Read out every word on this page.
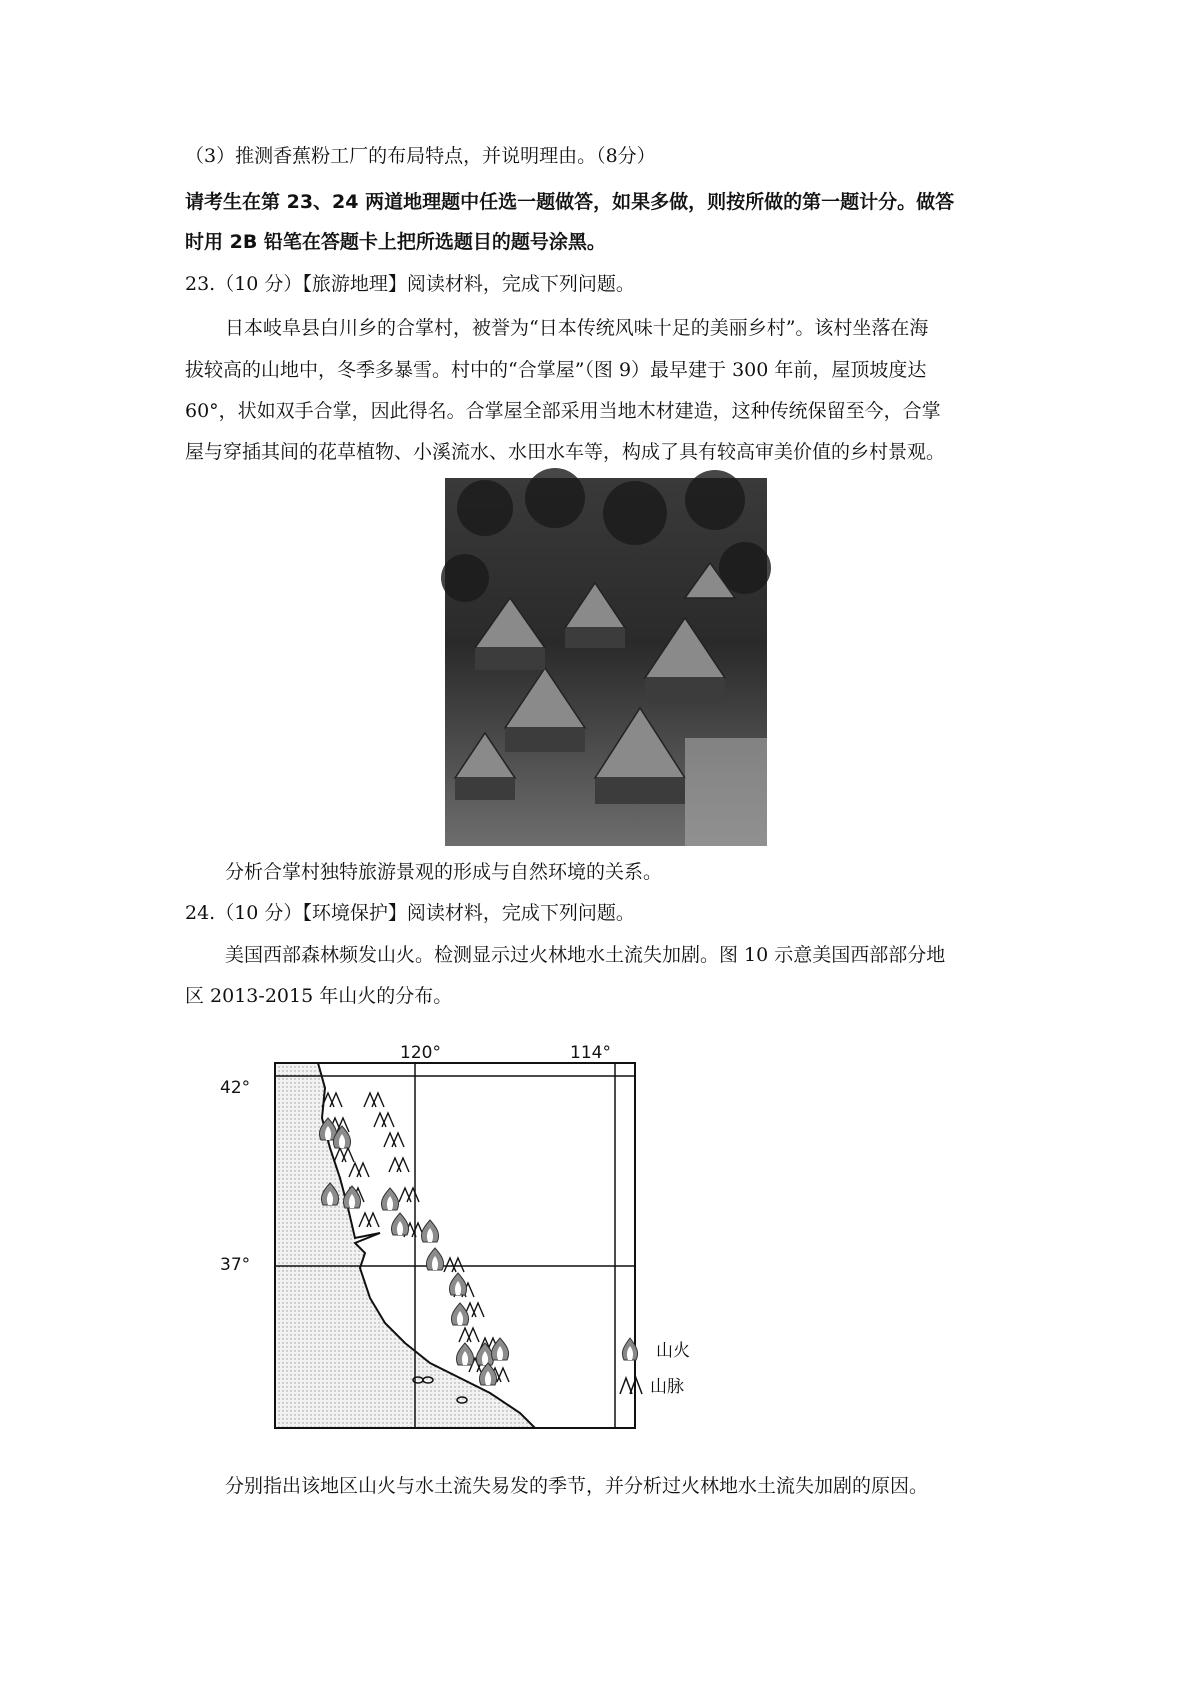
（3）推测香蕉粉工厂的布局特点，并说明理由。（8分）
请考生在第 23、24 两道地理题中任选一题做答，如果多做，则按所做的第一题计分。做答
时用 2B 铅笔在答题卡上把所选题目的题号涂黑。
23.（10 分）【旅游地理】阅读材料，完成下列问题。
日本岐阜县白川乡的合掌村，被誉为“日本传统风味十足的美丽乡村”。该村坐落在海
拔较高的山地中，冬季多暴雪。村中的“合掌屋”（图 9）最早建于 300 年前，屋顶坡度达
60°，状如双手合掌，因此得名。合掌屋全部采用当地木材建造，这种传统保留至今，合掌
屋与穿插其间的花草植物、小溪流水、水田水车等，构成了具有较高审美价值的乡村景观。
分析合掌村独特旅游景观的形成与自然环境的关系。
24.（10 分）【环境保护】阅读材料，完成下列问题。
美国西部森林频发山火。检测显示过火林地水土流失加剧。图 10 示意美国西部部分地
区 2013-2015 年山火的分布。
120°	114°
42°
37°
山火
山脉
分别指出该地区山火与水土流失易发的季节，并分析过火林地水土流失加剧的原因。
